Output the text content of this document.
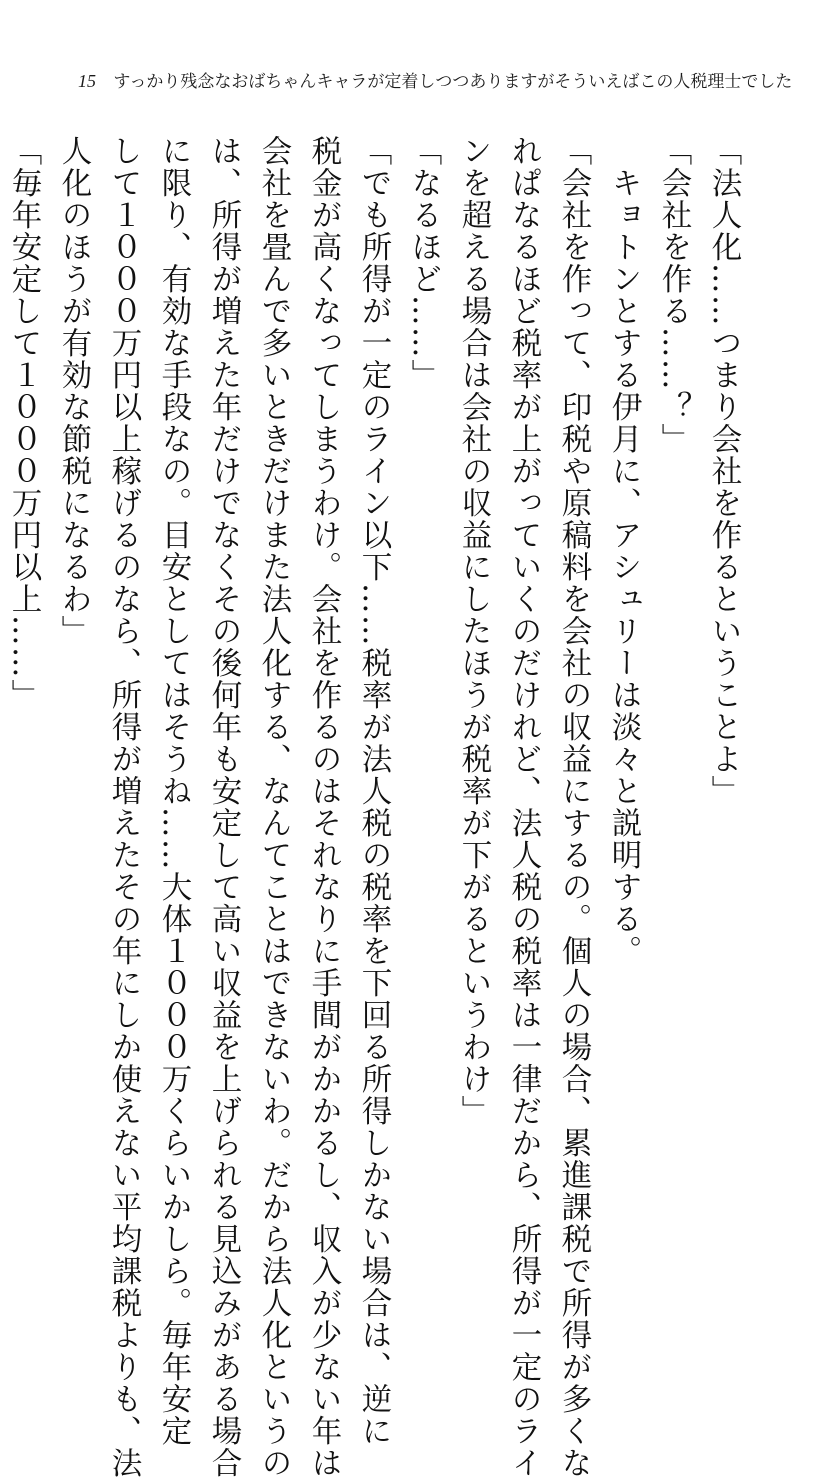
15 すっかり残念なおばちゃんキャラが定着しつつありますがそういえばこの人税理士でした

「法人化……つまり会社を作るということよ」

「会社を作る……？」

　キョトンとする伊月に、アシュリーは淡々と説明する。

「会社を作って、印税や原稿料を会社の収益にするの。個人の場合、累進課税で所得が多くな

れぱなるほど税率が上がっていくのだけれど、法人税の税率は一律だから、所得が一定のライ

ンを超える場合は会社の収益にしたほうが税率が下がるというわけ」

「なるほど……」

「でも所得が一定のライン以下……税率が法人税の税率を下回る所得しかない場合は、逆に

税金が高くなってしまうわけ。会社を作るのはそれなりに手間がかかるし、収入が少ない年は

会社を畳んで多いときだけまた法人化する、なんてことはできないわ。だから法人化というの

は、所得が増えた年だけでなくその後何年も安定して高い収益を上げられる見込みがある場合

に限り、有効な手段なの。目安としてはそうね……大体１０００万くらいかしら。毎年安定

して１０００万円以上稼げるのなら、所得が増えたその年にしか使えない平均課税よりも、法

人化のほうが有効な節税になるわ」

「毎年安定して１０００万円以上……」
